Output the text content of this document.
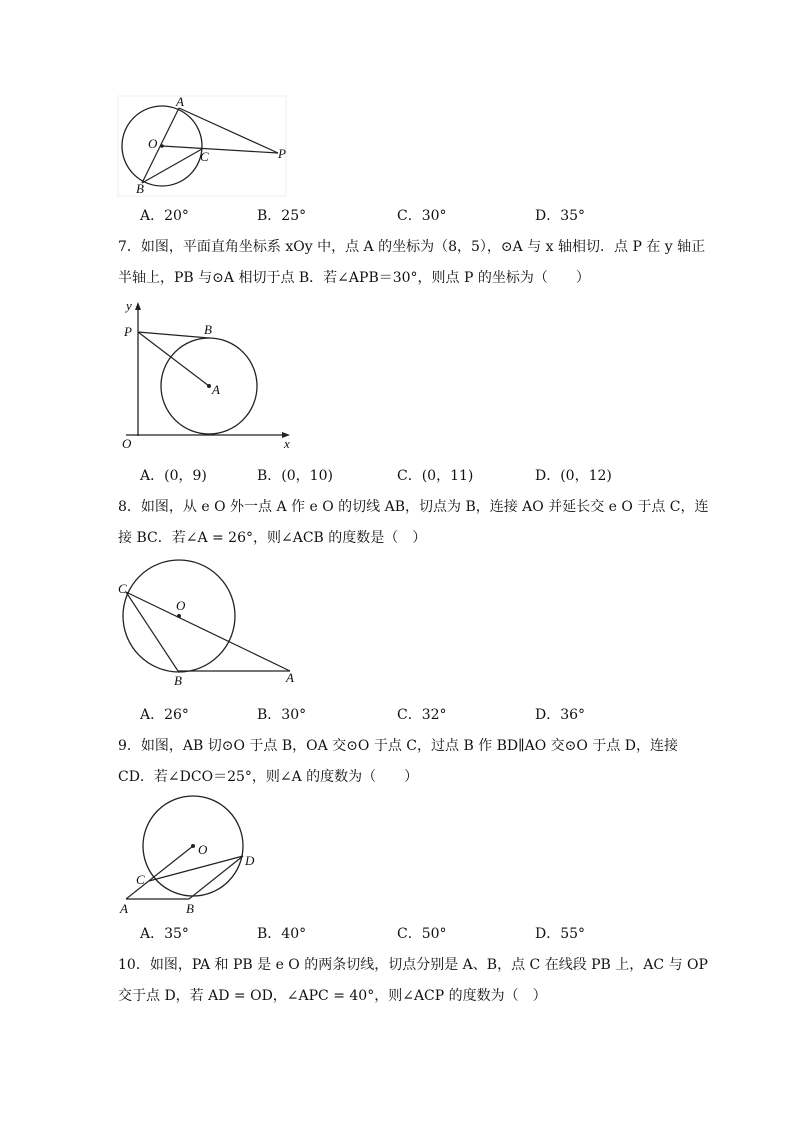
A
O
C	P
B
A．20°	B．25°	C．30°	D．35°
7．如图，平面直角坐标系 xOy 中，点 A 的坐标为（8，5），⊙A 与 x 轴相切．点 P 在 y 轴正
半轴上，PB 与⊙A 相切于点 B．若∠APB＝30°，则点 P 的坐标为（　　）
y
P	B
A
O	x
A．(0，9)	B．(0，10)	C．(0，11)	D．(0，12)
8．如图，从 e O 外一点 A 作 e O 的切线 AB，切点为 B，连接 AO 并延长交 e O 于点 C，连
接 BC．若∠A = 26°，则∠ACB 的度数是（　）
C
O
B	A
A．26°	B．30°	C．32°	D．36°
9．如图，AB 切⊙O 于点 B，OA 交⊙O 于点 C，过点 B 作 BD∥AO 交⊙O 于点 D，连接
CD．若∠DCO＝25°，则∠A 的度数为（　　）
O
D
C
A	B
A．35°	B．40°	C．50°	D．55°
10．如图，PA 和 PB 是 e O 的两条切线，切点分别是 A、B，点 C 在线段 PB 上，AC 与 OP
交于点 D，若 AD = OD，∠APC = 40°，则∠ACP 的度数为（　）
